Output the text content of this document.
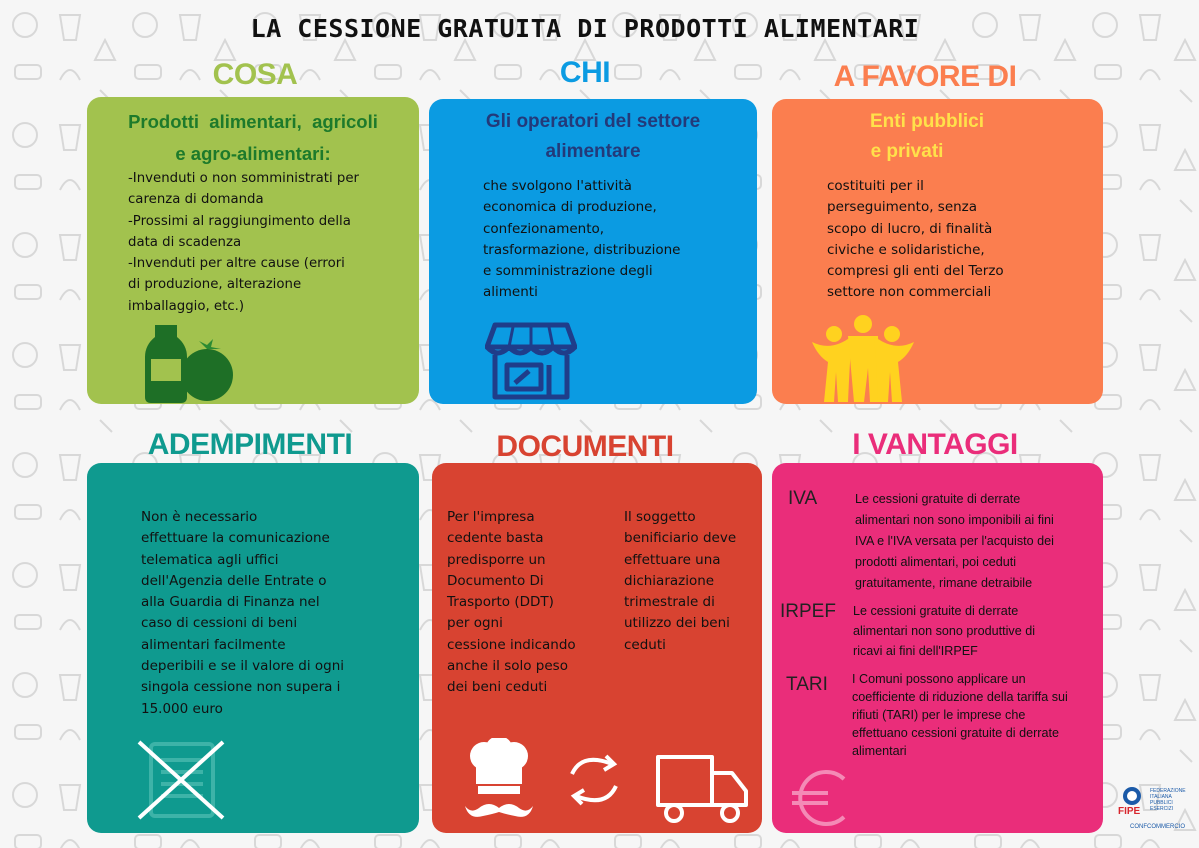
LA CESSIONE GRATUITA DI PRODOTTI ALIMENTARI
COSA
Prodotti  alimentari,  agricoli
e agro-alimentari:
-Invenduti o non somministrati per
carenza di domanda
-Prossimi al raggiungimento della
data di scadenza
-Invenduti per altre cause (errori
di produzione, alterazione
imballaggio, etc.)
CHI
Gli operatori del settore
alimentare
che svolgono l'attività
economica di produzione,
confezionamento,
trasformazione, distribuzione
e somministrazione degli
alimenti
A FAVORE DI
Enti pubblici
e privati
costituiti per il
perseguimento, senza
scopo di lucro, di finalità
civiche e solidaristiche,
compresi gli enti del Terzo
settore non commerciali
ADEMPIMENTI
Non è necessario
effettuare la comunicazione
telematica agli uffici
dell'Agenzia delle Entrate o
alla Guardia di Finanza nel
caso di cessioni di beni
alimentari facilmente
deperibili e se il valore di ogni
singola cessione non supera i
15.000 euro
DOCUMENTI
Per l'impresa
cedente basta
predisporre un
Documento Di
Trasporto (DDT)
per ogni
cessione indicando
anche il solo peso
dei beni ceduti
Il soggetto
benificiario deve
effettuare una
dichiarazione
trimestrale di
utilizzo dei beni
ceduti
I VANTAGGI
IVA	Le cessioni gratuite di derrate
alimentari non sono imponibili ai fini
IVA e l'IVA versata per l'acquisto dei
prodotti alimentari, poi ceduti
gratuitamente, rimane detraibile
IRPEF Le cessioni gratuite di derrate
alimentari non sono produttive di
ricavi ai fini dell'IRPEF
TARI I Comuni possono applicare un
coefficiente di riduzione della tariffa sui
rifiuti (TARI) per le imprese che
effettuano cessioni gratuite di derrate
alimentari
FIPE
FEDERAZIONE
ITALIANA
PUBBLICI
ESERCIZI
CONFCOMMERCIO
